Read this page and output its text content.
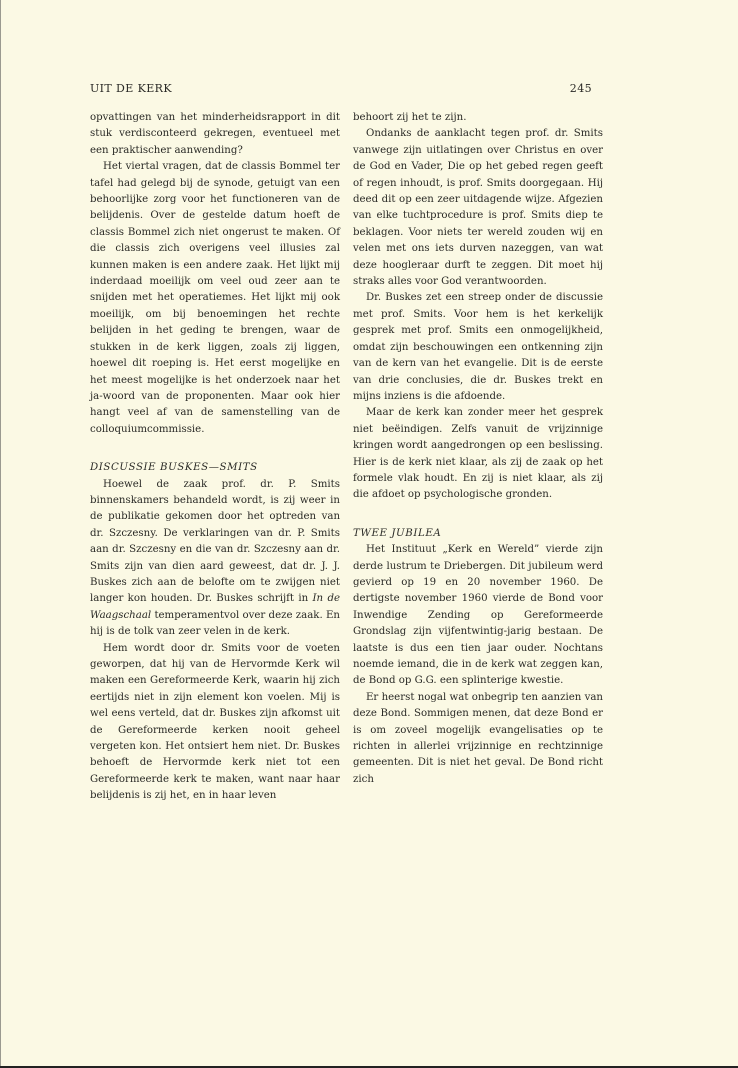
UIT DE KERK	245

opvattingen van het minderheidsrapport in dit stuk verdisconteerd gekregen, eventueel met een praktischer aanwending?

Het viertal vragen, dat de classis Bommel ter tafel had gelegd bij de synode, getuigt van een behoorlijke zorg voor het functioneren van de belijdenis. Over de gestelde datum hoeft de classis Bommel zich niet ongerust te maken. Of die classis zich overigens veel illusies zal kunnen maken is een andere zaak. Het lijkt mij inderdaad moeilijk om veel oud zeer aan te snijden met het operatiemes. Het lijkt mij ook moeilijk, om bij benoemingen het rechte belijden in het geding te brengen, waar de stukken in de kerk liggen, zoals zij liggen, hoewel dit roeping is. Het eerst mogelijke en het meest mogelijke is het onderzoek naar het ja-woord van de proponenten. Maar ook hier hangt veel af van de samenstelling van de colloquiumcommissie.

DISCUSSIE BUSKES—SMITS

Hoewel de zaak prof. dr. P. Smits binnenskamers behandeld wordt, is zij weer in de publikatie gekomen door het optreden van dr. Szczesny. De verklaringen van dr. P. Smits aan dr. Szczesny en die van dr. Szczesny aan dr. Smits zijn van dien aard geweest, dat dr. J. J. Buskes zich aan de belofte om te zwijgen niet langer kon houden. Dr. Buskes schrijft in In de Waagschaal temperamentvol over deze zaak. En hij is de tolk van zeer velen in de kerk.

Hem wordt door dr. Smits voor de voeten geworpen, dat hij van de Hervormde Kerk wil maken een Gereformeerde Kerk, waarin hij zich eertijds niet in zijn element kon voelen. Mij is wel eens verteld, dat dr. Buskes zijn afkomst uit de Gereformeerde kerken nooit geheel vergeten kon. Het ontsiert hem niet. Dr. Buskes behoeft de Hervormde kerk niet tot een Gereformeerde kerk te maken, want naar haar belijdenis is zij het, en in haar leven

behoort zij het te zijn.

Ondanks de aanklacht tegen prof. dr. Smits vanwege zijn uitlatingen over Christus en over de God en Vader, Die op het gebed regen geeft of regen inhoudt, is prof. Smits doorgegaan. Hij deed dit op een zeer uitdagende wijze. Afgezien van elke tuchtprocedure is prof. Smits diep te beklagen. Voor niets ter wereld zouden wij en velen met ons iets durven nazeggen, van wat deze hoogleraar durft te zeggen. Dit moet hij straks alles voor God verantwoorden.

Dr. Buskes zet een streep onder de discussie met prof. Smits. Voor hem is het kerkelijk gesprek met prof. Smits een onmogelijkheid, omdat zijn beschouwingen een ontkenning zijn van de kern van het evangelie. Dit is de eerste van drie conclusies, die dr. Buskes trekt en mijns inziens is die afdoende.

Maar de kerk kan zonder meer het gesprek niet beëindigen. Zelfs vanuit de vrijzinnige kringen wordt aangedrongen op een beslissing. Hier is de kerk niet klaar, als zij de zaak op het formele vlak houdt. En zij is niet klaar, als zij die afdoet op psychologische gronden.

TWEE JUBILEA

Het Instituut „Kerk en Wereld” vierde zijn derde lustrum te Driebergen. Dit jubileum werd gevierd op 19 en 20 november 1960. De dertigste november 1960 vierde de Bond voor Inwendige Zending op Gereformeerde Grondslag zijn vijfentwintig-jarig bestaan. De laatste is dus een tien jaar ouder. Nochtans noemde iemand, die in de kerk wat zeggen kan, de Bond op G.G. een splinterige kwestie.

Er heerst nogal wat onbegrip ten aanzien van deze Bond. Sommigen menen, dat deze Bond er is om zoveel mogelijk evangelisaties op te richten in allerlei vrijzinnige en rechtzinnige gemeenten. Dit is niet het geval. De Bond richt zich
